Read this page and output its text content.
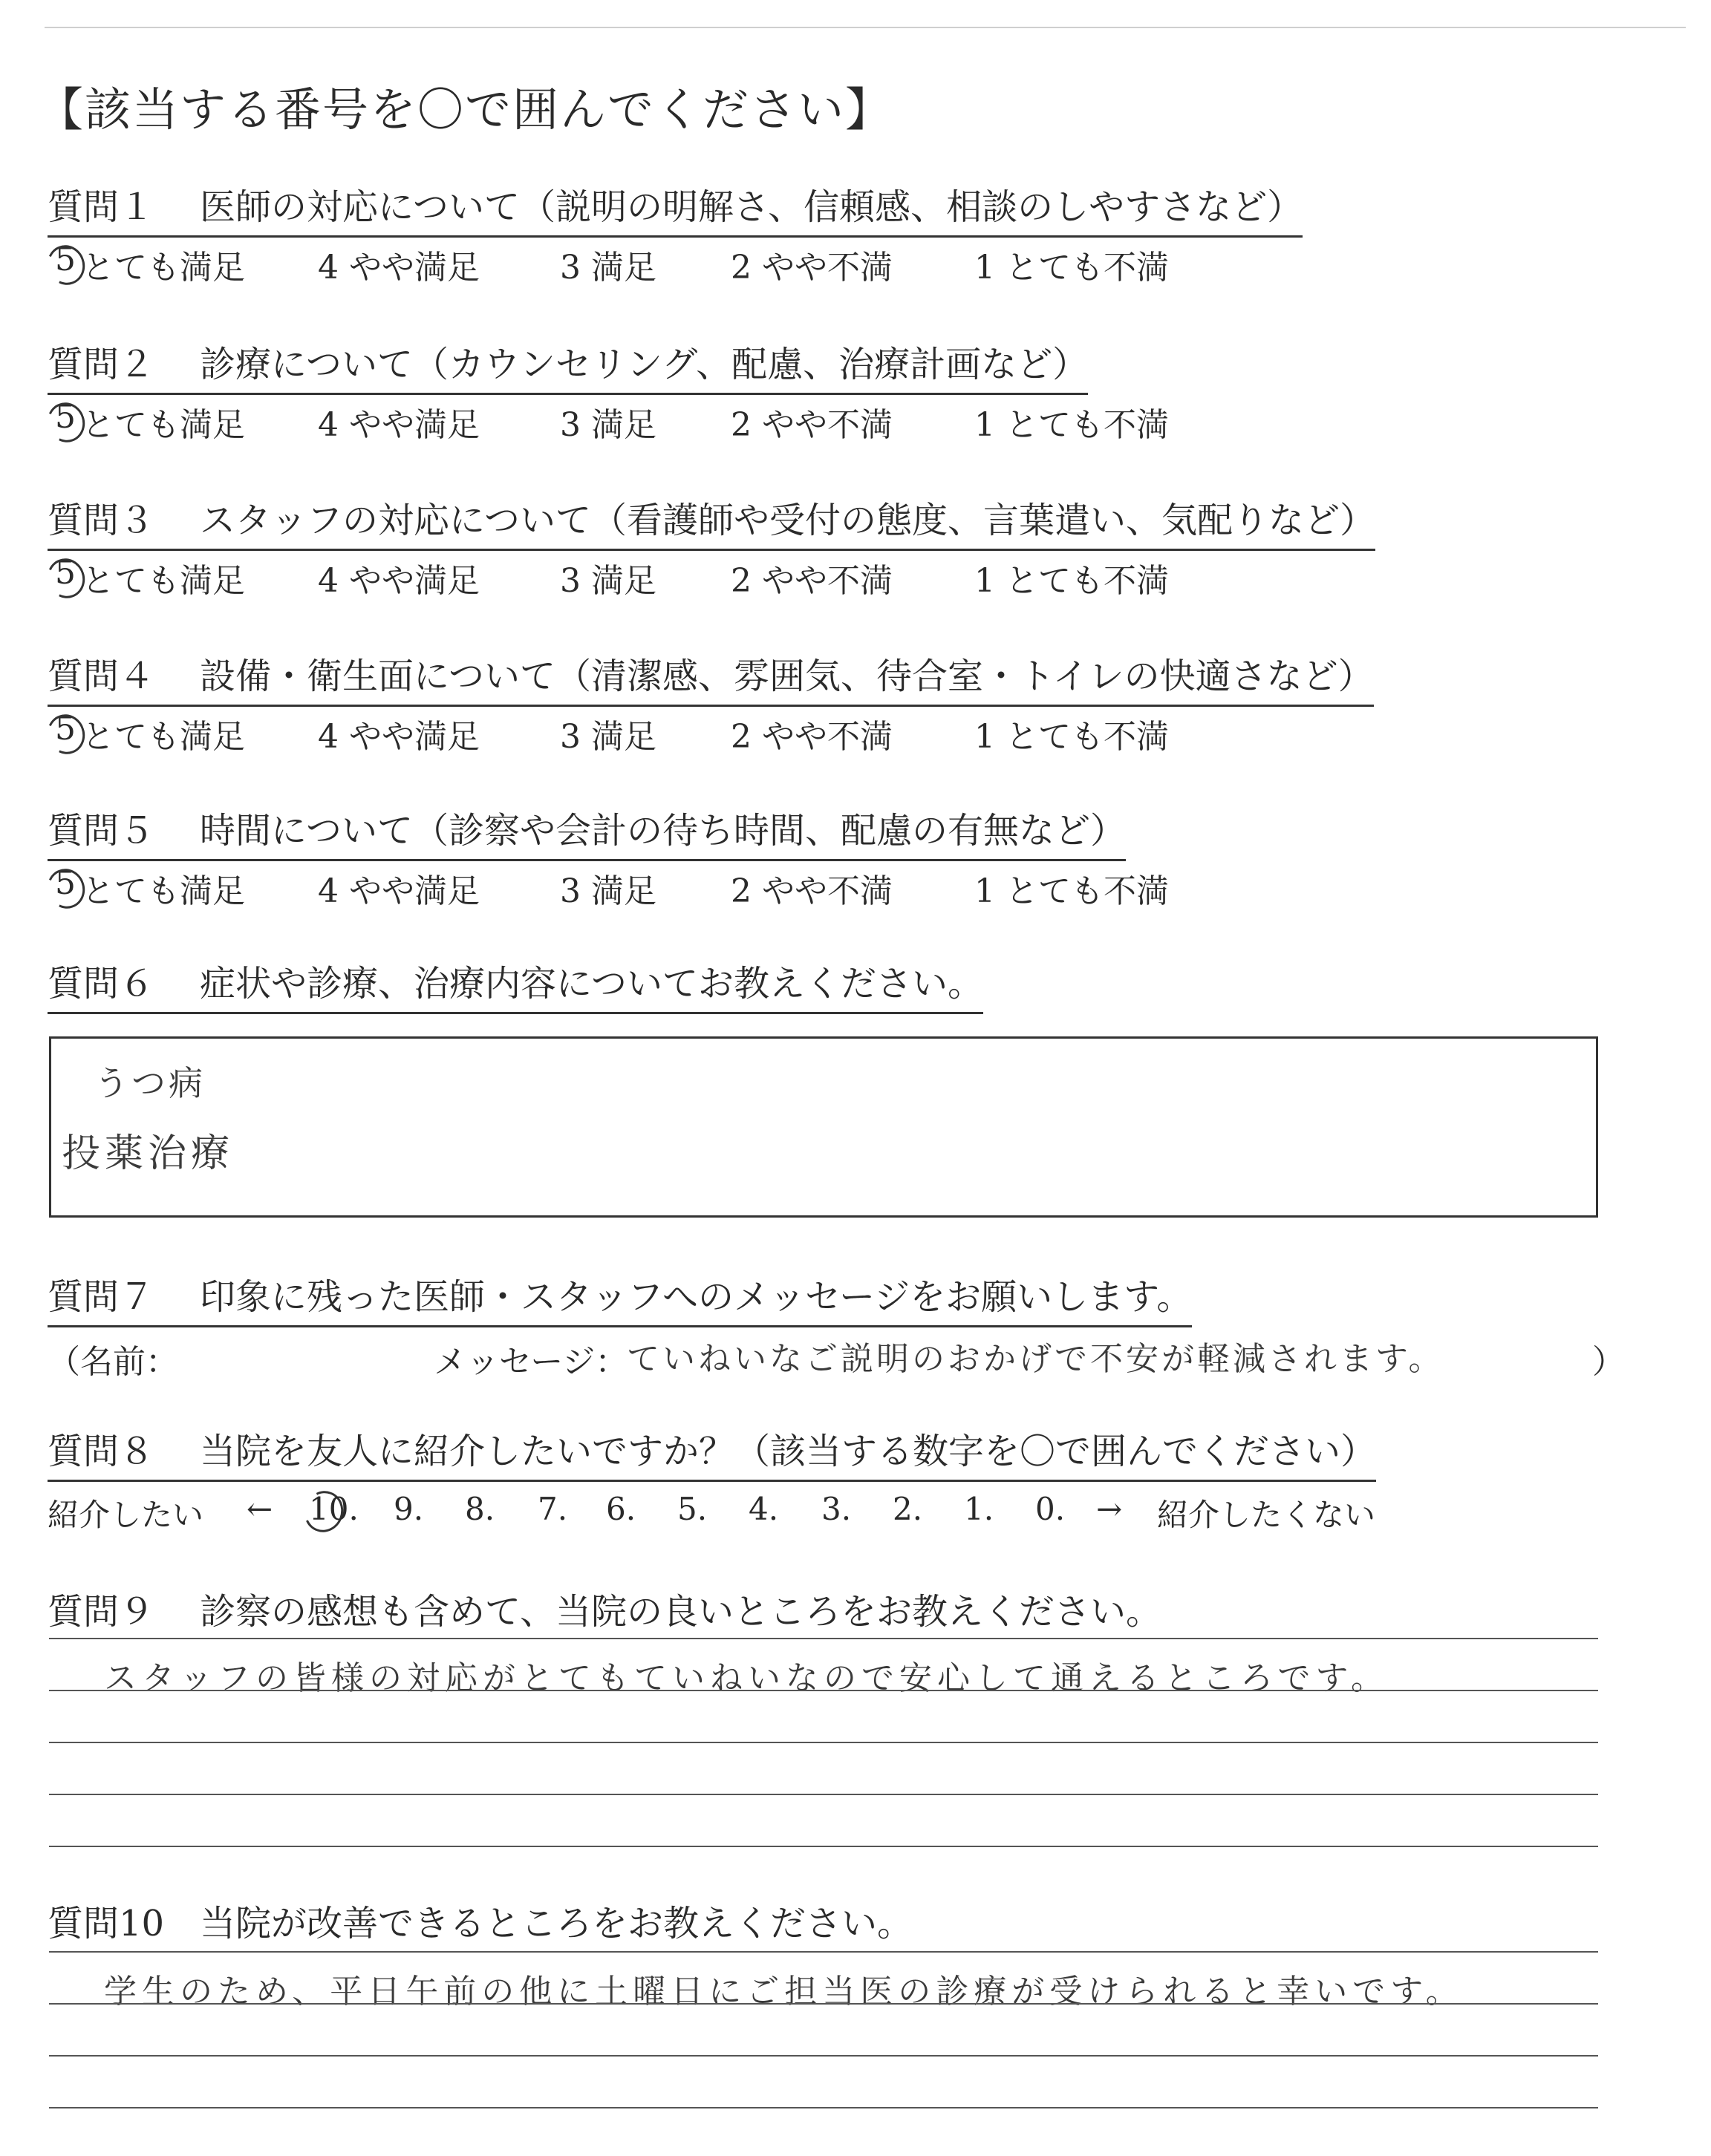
【該当する番号を〇で囲んでください】
質問１ 医師の対応について（説明の明解さ、信頼感、相談のしやすさなど）
5 とても満足 4 やや満足 3 満足 2 やや不満	1 とても不満
質問２ 診療について（カウンセリング、配慮、治療計画など）
5 とても満足 4 やや満足 3 満足 2 やや不満	1 とても不満
質問３ スタッフの対応について（看護師や受付の態度、言葉遣い、気配りなど）
5 とても満足 4 やや満足 3 満足 2 やや不満	1 とても不満
質問４ 設備・衛生面について（清潔感、雰囲気、待合室・トイレの快適さなど）
5 とても満足 4 やや満足 3 満足 2 やや不満	1 とても不満
質問５ 時間について（診察や会計の待ち時間、配慮の有無など）
5 とても満足 4 やや満足 3 満足 2 やや不満	1 とても不満
質問６ 症状や診療、治療内容についてお教えください。
うつ病
投薬治療
質問７ 印象に残った医師・スタッフへのメッセージをお願いします。
（名前：	メッセージ：
ていねいなご説明のおかげで不安が軽減されます。	）
質問８ 当院を友人に紹介したいですか？（該当する数字を〇で囲んでください）
紹介したい ← 10. 9. 8. 7. 6. 5. 4. 3. 2. 1. 0. → 紹介したくない
質問９ 診察の感想も含めて、当院の良いところをお教えください。
スタッフの皆様の対応がとてもていねいなので安心して通えるところです。
質問10 当院が改善できるところをお教えください。
学生のため、平日午前の他に土曜日にご担当医の診療が受けられると幸いです。
